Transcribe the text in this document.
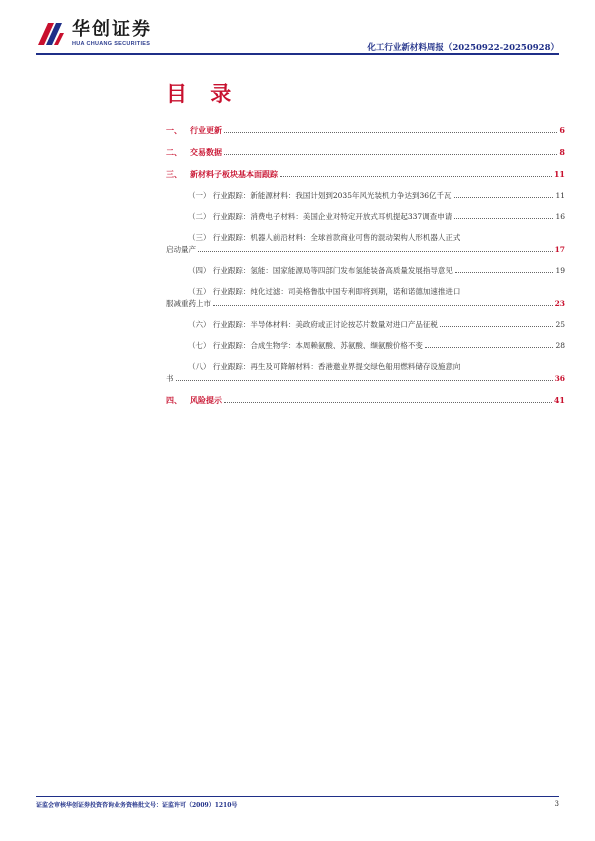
华创证券
HUA CHUANG SECURITIES	化工行业新材料周报（20250922-20250928）
目 录
一、	行业更新	6
二、	交易数据	8
三、	新材料子板块基本面跟踪	11
（一） 行业跟踪：新能源材料：我国计划到2035年风光装机力争达到36亿千瓦	11
（二） 行业跟踪：消费电子材料：美国企业对特定开放式耳机提起337调查申请	16
（三） 行业跟踪：机器人前沿材料：全球首款商业可售的混动架构人形机器人正式
启动量产	17
（四） 行业跟踪：氢能：国家能源局等四部门发布氢能装备高质量发展指导意见	19
（五） 行业跟踪：纯化过滤：司美格鲁肽中国专利即将到期，诺和诺德加速推进口
服减重药上市	23
（六） 行业跟踪：半导体材料：美政府或正讨论按芯片数量对进口产品征税	25
（七） 行业跟踪：合成生物学：本周赖氨酸、苏氨酸、缬氨酸价格不变	28
（八） 行业跟踪：再生及可降解材料：香港邀业界提交绿色船用燃料储存设施意向
书	36
四、	风险提示	41
证监会审核华创证券投资咨询业务资格批文号：证监许可（2009）1210号	3
